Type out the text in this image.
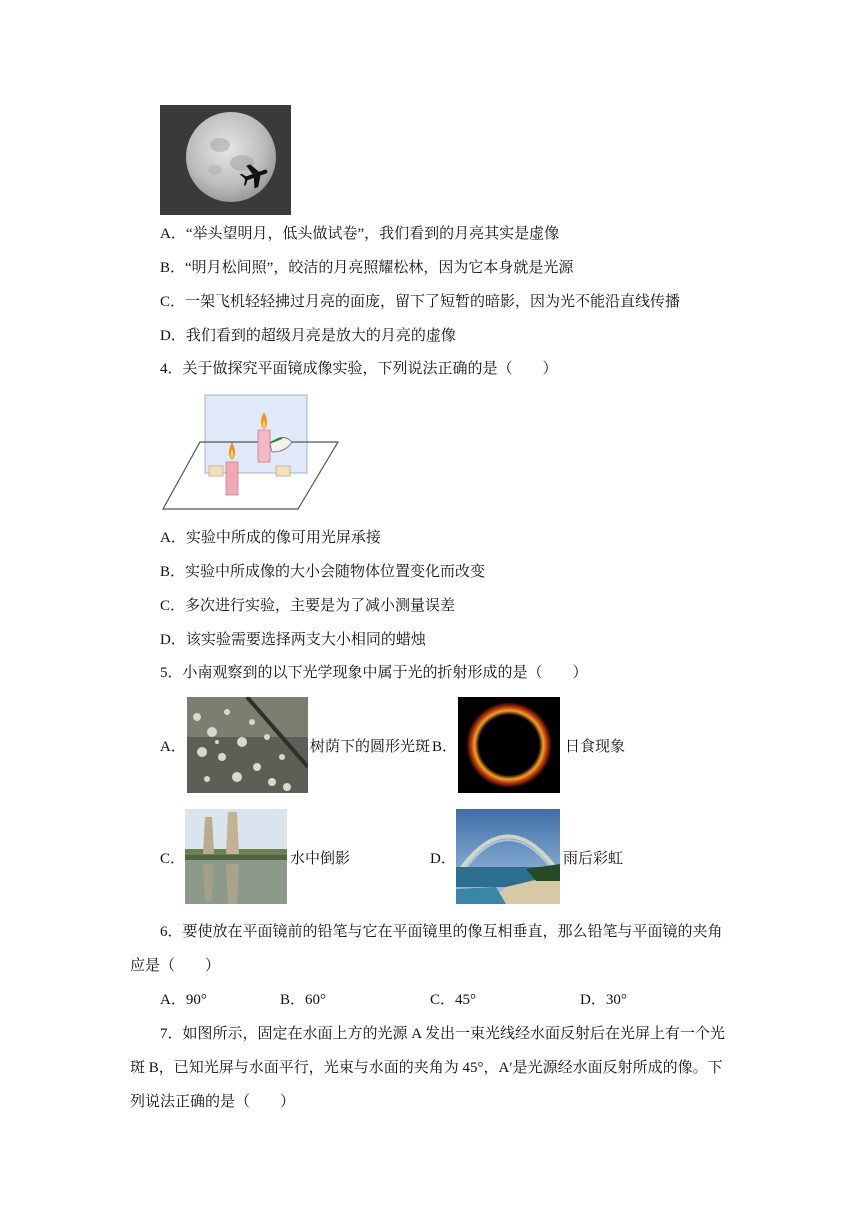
A．“举头望明月，低头做试卷”，我们看到的月亮其实是虚像
B．“明月松间照”，皎洁的月亮照耀松林，因为它本身就是光源
C．一架飞机轻轻拂过月亮的面庞，留下了短暂的暗影，因为光不能沿直线传播
D．我们看到的超级月亮是放大的月亮的虚像
4．关于做探究平面镜成像实验，下列说法正确的是（　　）
A．实验中所成的像可用光屏承接
B．实验中所成像的大小会随物体位置变化而改变
C．多次进行实验，主要是为了减小测量误差
D．该实验需要选择两支大小相同的蜡烛
5．小南观察到的以下光学现象中属于光的折射形成的是（　　）
A．	树荫下的圆形光斑 B．	日食现象
C．	水中倒影	D．	雨后彩虹
6．要使放在平面镜前的铅笔与它在平面镜里的像互相垂直，那么铅笔与平面镜的夹角
应是（　　）
A．90°	B．60°	C．45°	D．30°
7．如图所示，固定在水面上方的光源 A 发出一束光线经水面反射后在光屏上有一个光
斑 B，已知光屏与水面平行，光束与水面的夹角为 45°，A′是光源经水面反射所成的像。下
列说法正确的是（　　）
